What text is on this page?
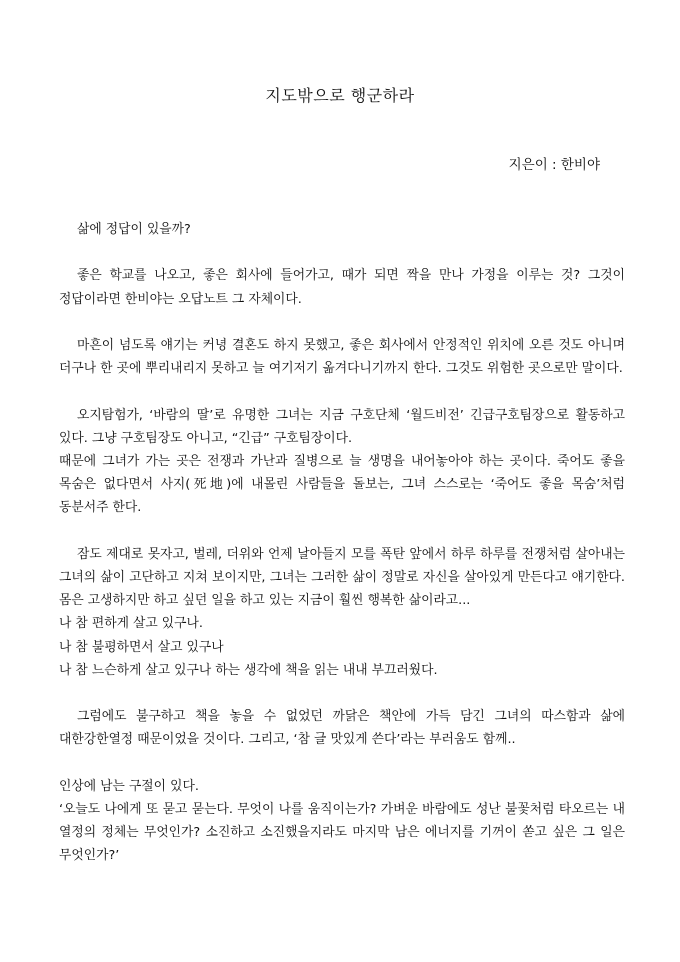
지도밖으로 행군하라
지은이 : 한비야

삶에 정답이 있을까?

좋은 학교를 나오고, 좋은 회사에 들어가고, 때가 되면 짝을 만나 가정을 이루는 것? 그것이 정답이라면 한비야는 오답노트 그 자체이다.

마흔이 넘도록 얘기는 커녕 결혼도 하지 못했고, 좋은 회사에서 안정적인 위치에 오른 것도 아니며 더구나 한 곳에 뿌리내리지 못하고 늘 여기저기 옮겨다니기까지 한다. 그것도 위험한 곳으로만 말이다.

오지탐험가, ‘바람의 딸’로 유명한 그녀는 지금 구호단체 ‘월드비전’ 긴급구호팀장으로 활동하고 있다. 그냥 구호팀장도 아니고, “긴급” 구호팀장이다.

때문에 그녀가 가는 곳은 전쟁과 가난과 질병으로 늘 생명을 내어놓아야 하는 곳이다. 죽어도 좋을 목숨은 없다면서 사지(死地)에 내몰린 사람들을 돌보는, 그녀 스스로는 ‘죽어도 좋을 목숨’처럼 동분서주 한다.

잠도 제대로 못자고, 벌레, 더위와 언제 날아들지 모를 폭탄 앞에서 하루 하루를 전쟁처럼 살아내는 그녀의 삶이 고단하고 지쳐 보이지만, 그녀는 그러한 삶이 정말로 자신을 살아있게 만든다고 얘기한다. 몸은 고생하지만 하고 싶던 일을 하고 있는 지금이 훨씬 행복한 삶이라고...

나 참 편하게 살고 있구나.

나 참 불평하면서 살고 있구나

나 참 느슨하게 살고 있구나 하는 생각에 책을 읽는 내내 부끄러웠다.

그럼에도 불구하고 책을 놓을 수 없었던 까닭은 책안에 가득 담긴 그녀의 따스함과 삶에 대한강한열정 때문이었을 것이다. 그리고, ‘참 글 맛있게 쓴다’라는 부러움도 함께..

인상에 남는 구절이 있다.

‘오늘도 나에게 또 묻고 묻는다. 무엇이 나를 움직이는가? 가벼운 바람에도 성난 불꽃처럼 타오르는 내 열정의 정체는 무엇인가? 소진하고 소진했을지라도 마지막 남은 에너지를 기꺼이 쏟고 싶은 그 일은 무엇인가?’
